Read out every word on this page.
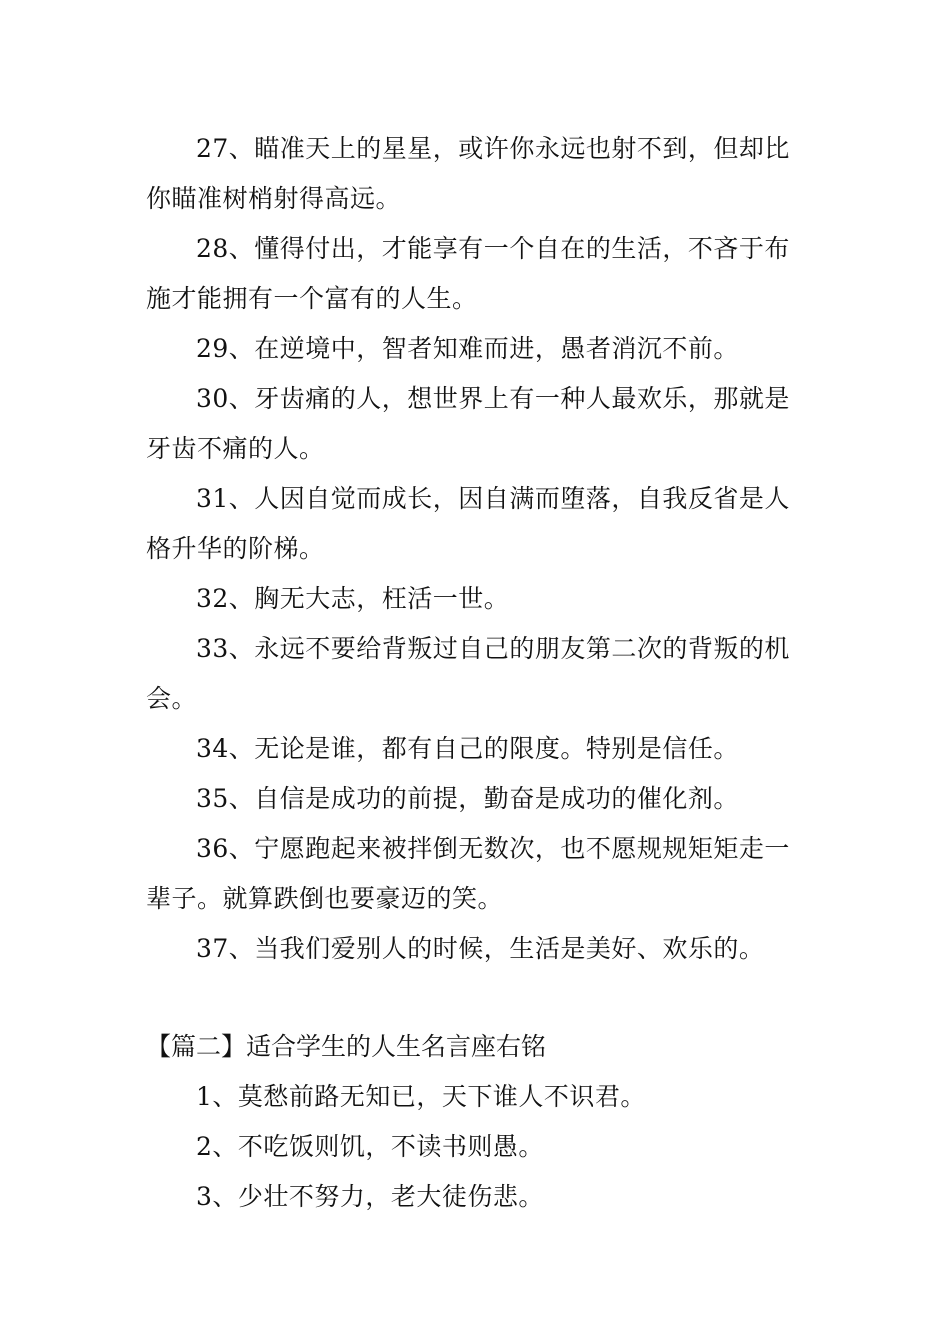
27、瞄准天上的星星，或许你永远也射不到，但却比你瞄准树梢射得高远。

28、懂得付出，才能享有一个自在的生活，不吝于布施才能拥有一个富有的人生。

29、在逆境中，智者知难而进，愚者消沉不前。

30、牙齿痛的人，想世界上有一种人最欢乐，那就是牙齿不痛的人。

31、人因自觉而成长，因自满而堕落，自我反省是人格升华的阶梯。

32、胸无大志，枉活一世。

33、永远不要给背叛过自己的朋友第二次的背叛的机会。

34、无论是谁，都有自己的限度。特别是信任。

35、自信是成功的前提，勤奋是成功的催化剂。

36、宁愿跑起来被拌倒无数次，也不愿规规矩矩走一辈子。就算跌倒也要豪迈的笑。

37、当我们爱别人的时候，生活是美好、欢乐的。

【篇二】适合学生的人生名言座右铭

1、莫愁前路无知已，天下谁人不识君。

2、不吃饭则饥，不读书则愚。

3、少壮不努力，老大徒伤悲。
